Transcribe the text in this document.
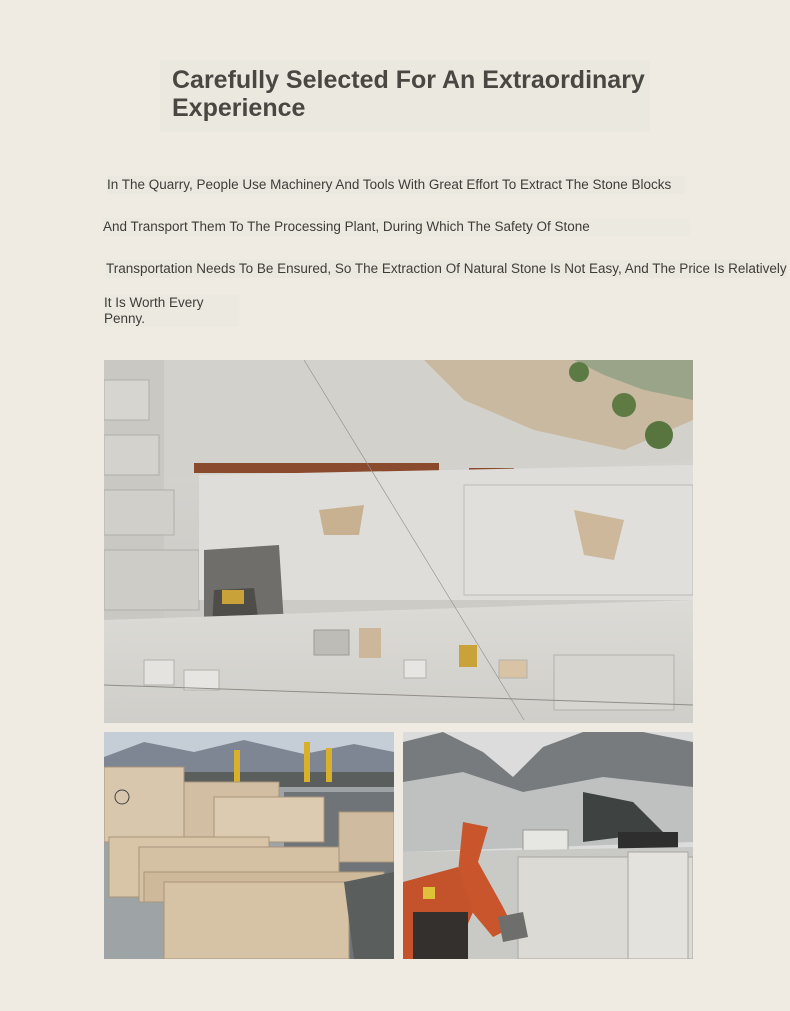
Carefully Selected For An Extraordinary Experience
In The Quarry, People Use Machinery And Tools With Great Effort To Extract The Stone Blocks
And Transport Them To The Processing Plant, During Which The Safety Of Stone
Transportation Needs To Be Ensured, So The Extraction Of Natural Stone Is Not Easy, And The Price Is Relatively
It Is Worth Every Penny.
